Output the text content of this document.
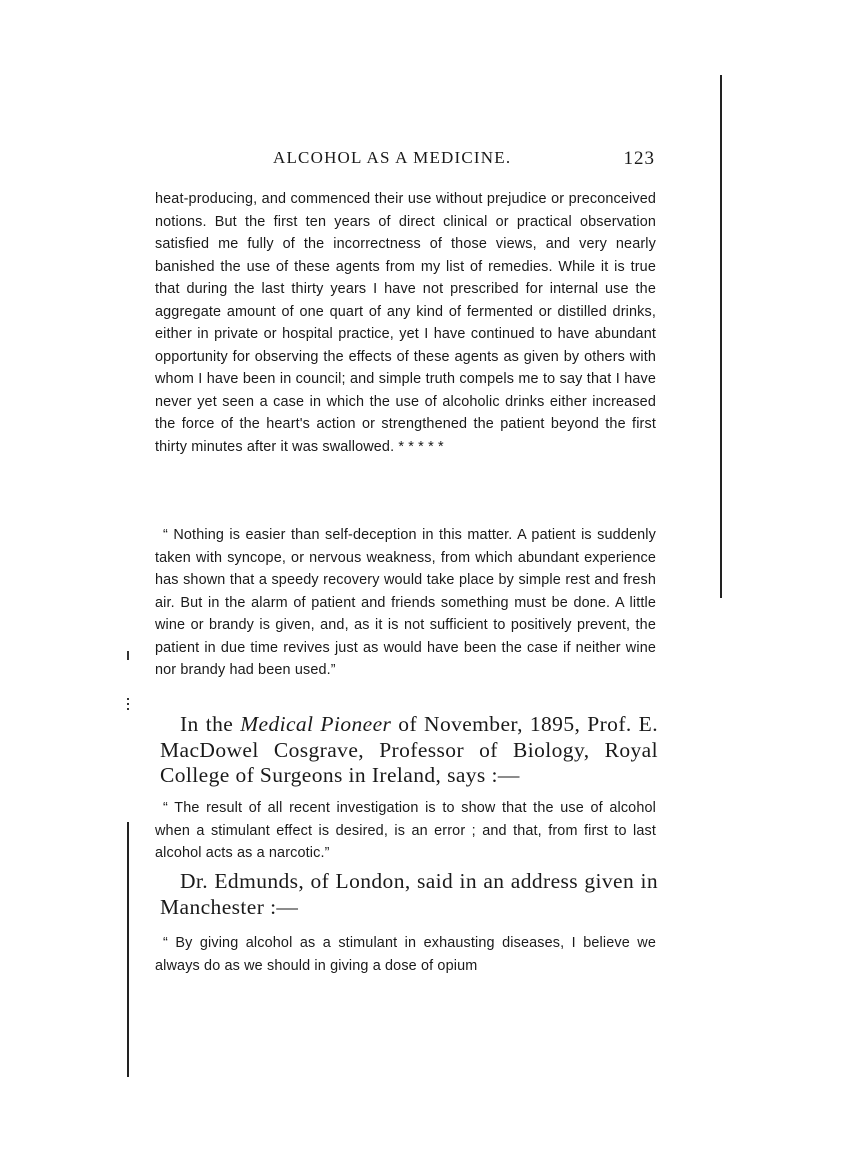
ALCOHOL AS A MEDICINE.	123
heat-producing, and commenced their use without prejudice or preconceived notions. But the first ten years of direct clinical or practical observation satisfied me fully of the incorrectness of those views, and very nearly banished the use of these agents from my list of remedies. While it is true that during the last thirty years I have not prescribed for internal use the aggregate amount of one quart of any kind of fermented or distilled drinks, either in private or hospital practice, yet I have continued to have abundant opportunity for observing the effects of these agents as given by others with whom I have been in council; and simple truth compels me to say that I have never yet seen a case in which the use of alcoholic drinks either increased the force of the heart's action or strengthened the patient beyond the first thirty minutes after it was swallowed. * * * * *
“ Nothing is easier than self-deception in this matter. A patient is suddenly taken with syncope, or nervous weakness, from which abundant experience has shown that a speedy recovery would take place by simple rest and fresh air. But in the alarm of patient and friends something must be done. A little wine or brandy is given, and, as it is not sufficient to positively prevent, the patient in due time revives just as would have been the case if neither wine nor brandy had been used.”
In the Medical Pioneer of November, 1895, Prof. E. MacDowel Cosgrave, Professor of Biology, Royal College of Surgeons in Ireland, says :—
“ The result of all recent investigation is to show that the use of alcohol when a stimulant effect is desired, is an error ; and that, from first to last alcohol acts as a narcotic.”
Dr. Edmunds, of London, said in an address given in Manchester :—
“ By giving alcohol as a stimulant in exhausting diseases, I believe we always do as we should in giving a dose of opium
